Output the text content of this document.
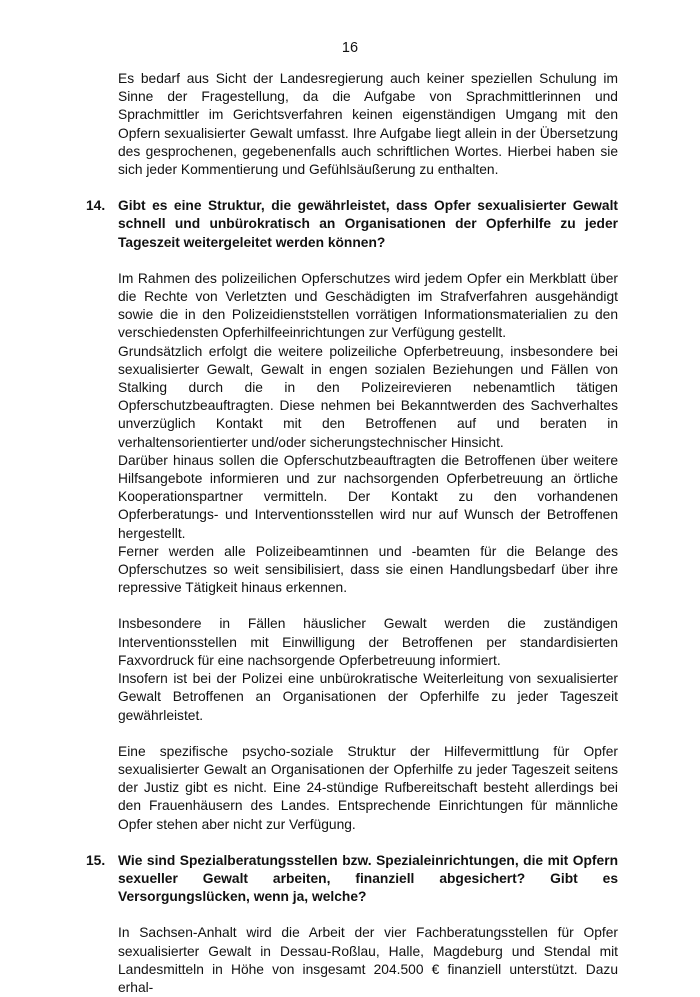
16

Es bedarf aus Sicht der Landesregierung auch keiner speziellen Schulung im Sinne der Fragestellung, da die Aufgabe von Sprachmittlerinnen und Sprachmittler im Gerichtsverfahren keinen eigenständigen Umgang mit den Opfern sexualisierter Gewalt umfasst. Ihre Aufgabe liegt allein in der Übersetzung des gesprochenen, gegebenenfalls auch schriftlichen Wortes. Hierbei haben sie sich jeder Kommentierung und Gefühlsäußerung zu enthalten.

14. Gibt es eine Struktur, die gewährleistet, dass Opfer sexualisierter Gewalt schnell und unbürokratisch an Organisationen der Opferhilfe zu jeder Tageszeit weitergeleitet werden können?

Im Rahmen des polizeilichen Opferschutzes wird jedem Opfer ein Merkblatt über die Rechte von Verletzten und Geschädigten im Strafverfahren ausgehändigt sowie die in den Polizeidienststellen vorrätigen Informationsmaterialien zu den verschiedensten Opferhilfeeinrichtungen zur Verfügung gestellt.

Grundsätzlich erfolgt die weitere polizeiliche Opferbetreuung, insbesondere bei sexualisierter Gewalt, Gewalt in engen sozialen Beziehungen und Fällen von Stalking durch die in den Polizeirevieren nebenamtlich tätigen Opferschutzbeauftragten. Diese nehmen bei Bekanntwerden des Sachverhaltes unverzüglich Kontakt mit den Betroffenen auf und beraten in verhaltensorientierter und/oder sicherungstechnischer Hinsicht.

Darüber hinaus sollen die Opferschutzbeauftragten die Betroffenen über weitere Hilfsangebote informieren und zur nachsorgenden Opferbetreuung an örtliche Kooperationspartner vermitteln. Der Kontakt zu den vorhandenen Opferberatungs- und Interventionsstellen wird nur auf Wunsch der Betroffenen hergestellt.

Ferner werden alle Polizeibeamtinnen und -beamten für die Belange des Opferschutzes so weit sensibilisiert, dass sie einen Handlungsbedarf über ihre repressive Tätigkeit hinaus erkennen.

Insbesondere in Fällen häuslicher Gewalt werden die zuständigen Interventionsstellen mit Einwilligung der Betroffenen per standardisierten Faxvordruck für eine nachsorgende Opferbetreuung informiert.

Insofern ist bei der Polizei eine unbürokratische Weiterleitung von sexualisierter Gewalt Betroffenen an Organisationen der Opferhilfe zu jeder Tageszeit gewährleistet.

Eine spezifische psycho-soziale Struktur der Hilfevermittlung für Opfer sexualisierter Gewalt an Organisationen der Opferhilfe zu jeder Tageszeit seitens der Justiz gibt es nicht. Eine 24-stündige Rufbereitschaft besteht allerdings bei den Frauenhäusern des Landes. Entsprechende Einrichtungen für männliche Opfer stehen aber nicht zur Verfügung.

15. Wie sind Spezialberatungsstellen bzw. Spezialeinrichtungen, die mit Opfern sexueller Gewalt arbeiten, finanziell abgesichert? Gibt es Versorgungslücken, wenn ja, welche?

In Sachsen-Anhalt wird die Arbeit der vier Fachberatungsstellen für Opfer sexualisierter Gewalt in Dessau-Roßlau, Halle, Magdeburg und Stendal mit Landesmitteln in Höhe von insgesamt 204.500 € finanziell unterstützt. Dazu erhal-
